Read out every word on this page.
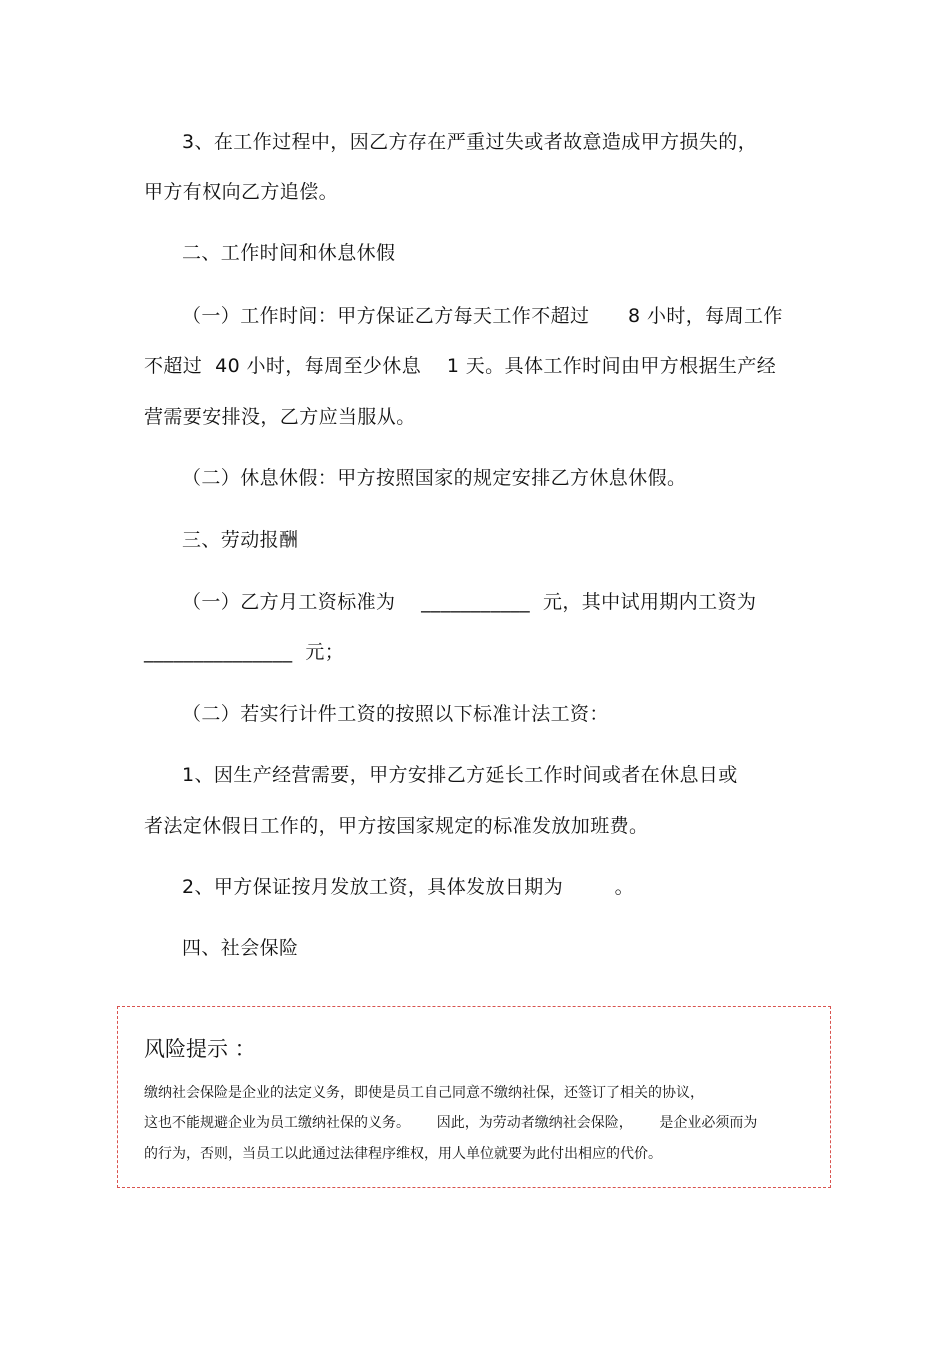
3、在工作过程中，因乙方存在严重过失或者故意造成甲方损失的，
甲方有权向乙方追偿。
二、工作时间和休息休假
（一）工作时间：甲方保证乙方每天工作不超过      8 小时，每周工作
不超过  40 小时，每周至少休息    1 天。具体工作时间由甲方根据生产经
营需要安排没，乙方应当服从。
（二）休息休假：甲方按照国家的规定安排乙方休息休假。
三、劳动报酬
（一）乙方月工资标准为    ___________  元，其中试用期内工资为
_______________  元；
（二）若实行计件工资的按照以下标准计法工资：
1、因生产经营需要，甲方安排乙方延长工作时间或者在休息日或
者法定休假日工作的，甲方按国家规定的标准发放加班费。
2、甲方保证按月发放工资，具体发放日期为        。
四、社会保险
风险提示 ：
缴纳社会保险是企业的法定义务，即使是员工自己同意不缴纳社保，还签订了相关的协议，
这也不能规避企业为员工缴纳社保的义务。      因此，为劳动者缴纳社会保险，      是企业必须而为
的行为，否则，当员工以此通过法律程序维权，用人单位就要为此付出相应的代价。
